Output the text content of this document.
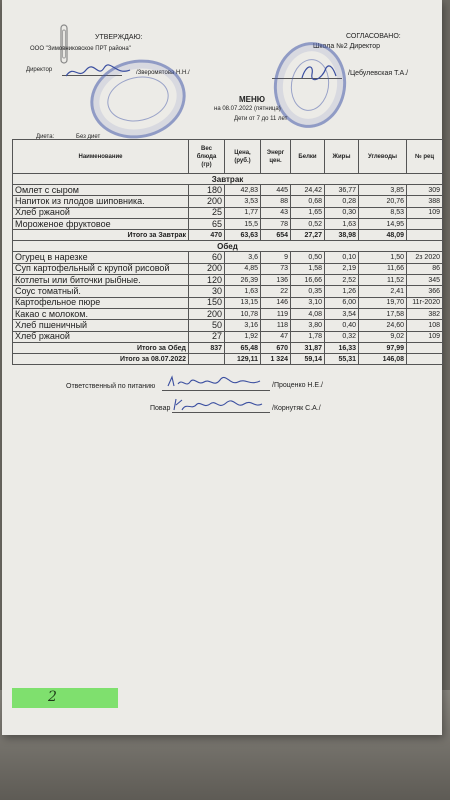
УТВЕРЖДАЮ:
ООО "Зимовниковское ПРТ района"
Директор	/Зверомятова Н.Н./
СОГЛАСОВАНО:
Школа №2 Директор
/Цебулевская Т.А./
МЕНЮ
на 08.07.2022 (пятница)
Дети от 7 до 11 лет
Диета:	Без диет
Наименование	Вес блюда (гр)	Цена, (руб.)	Энерг цен.	Белки	Жиры	Углеводы	№ рец
Завтрак							
Омлет с сыром	180	42,83	445	24,42	36,77	3,85	309
Напиток из плодов шиповника.	200	3,53	88	0,68	0,28	20,76	388
Хлеб ржаной	25	1,77	43	1,65	0,30	8,53	109
Мороженое фруктовое	65	15,5	78	0,52	1,63	14,95	
Итого за Завтрак	470	63,63	654	27,27	38,98	48,09	
Обед							
Огурец в нарезке	60	3,6	9	0,50	0,10	1,50	2з 2020
Суп картофельный с крупой рисовой	200	4,85	73	1,58	2,19	11,66	86
Котлеты или биточки рыбные.	120	26,39	136	16,66	2,52	11,52	345
Соус томатный.	30	1,63	22	0,35	1,26	2,41	366
Картофельное пюре	150	13,15	146	3,10	6,00	19,70	11г-2020
Какао с молоком.	200	10,78	119	4,08	3,54	17,58	382
Хлеб пшеничный	50	3,16	118	3,80	0,40	24,60	108
Хлеб ржаной	27	1,92	47	1,78	0,32	9,02	109
Итого за Обед	837	65,48	670	31,87	16,33	97,99	
Итого за 08.07.2022		129,11	1 324	59,14	55,31	146,08	
Ответственный по питанию	/Проценко Н.Е./
Повар	/Корнутяк С.А./
2
